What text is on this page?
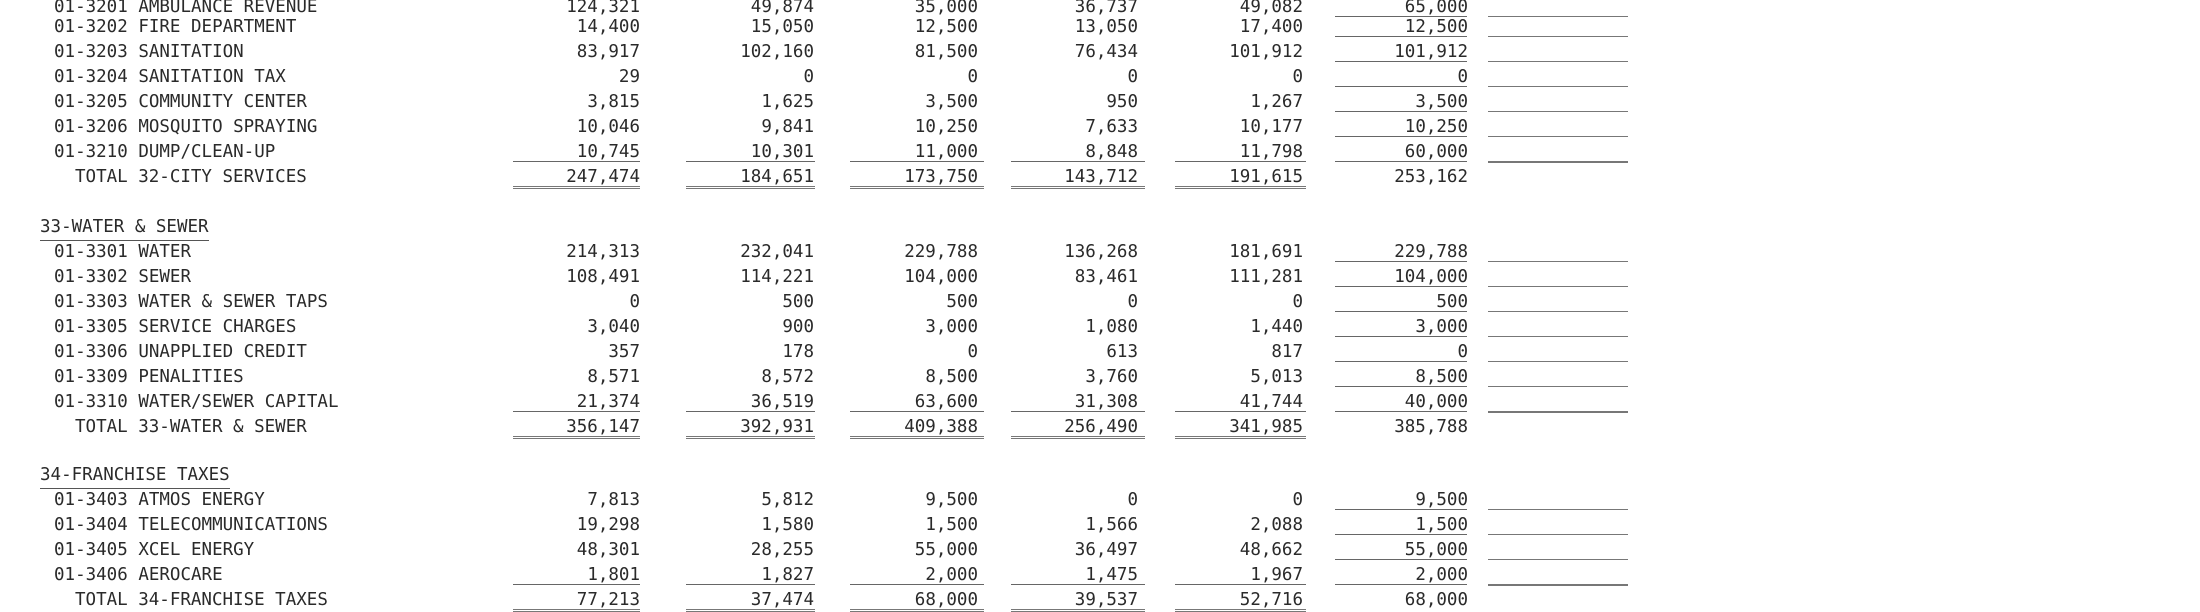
01-3201 AMBULANCE REVENUE	124,321	49,874	35,000	36,737	49,082	65,000
01-3202 FIRE DEPARTMENT	14,400	15,050	12,500	13,050	17,400	12,500
01-3203 SANITATION	83,917	102,160	81,500	76,434	101,912	101,912
01-3204 SANITATION TAX	29	0	0	0	0	0
01-3205 COMMUNITY CENTER	3,815	1,625	3,500	950	1,267	3,500
01-3206 MOSQUITO SPRAYING	10,046	9,841	10,250	7,633	10,177	10,250
01-3210 DUMP/CLEAN-UP	10,745	10,301	11,000	8,848	11,798	60,000
TOTAL 32-CITY SERVICES	247,474	184,651	173,750	143,712	191,615	253,162
33-WATER & SEWER
01-3301 WATER	214,313	232,041	229,788	136,268	181,691	229,788
01-3302 SEWER	108,491	114,221	104,000	83,461	111,281	104,000
01-3303 WATER & SEWER TAPS	0	500	500	0	0	500
01-3305 SERVICE CHARGES	3,040	900	3,000	1,080	1,440	3,000
01-3306 UNAPPLIED CREDIT	357	178	0	613	817	0
01-3309 PENALITIES	8,571	8,572	8,500	3,760	5,013	8,500
01-3310 WATER/SEWER CAPITAL	21,374	36,519	63,600	31,308	41,744	40,000
TOTAL 33-WATER & SEWER	356,147	392,931	409,388	256,490	341,985	385,788
34-FRANCHISE TAXES
01-3403 ATMOS ENERGY	7,813	5,812	9,500	0	0	9,500
01-3404 TELECOMMUNICATIONS	19,298	1,580	1,500	1,566	2,088	1,500
01-3405 XCEL ENERGY	48,301	28,255	55,000	36,497	48,662	55,000
01-3406 AEROCARE	1,801	1,827	2,000	1,475	1,967	2,000
TOTAL 34-FRANCHISE TAXES	77,213	37,474	68,000	39,537	52,716	68,000
